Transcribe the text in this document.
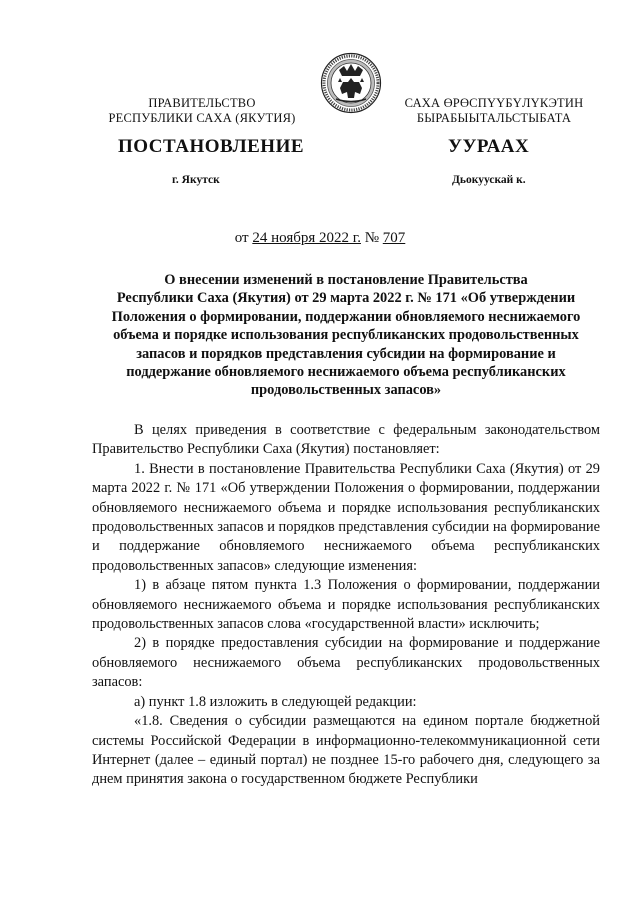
ПРАВИТЕЛЬСТВО
РЕСПУБЛИКИ САХА (ЯКУТИЯ)
САХА ӨРӨСПҮҮБҮЛҮКЭТИН
БЫРАБЫЫТАЛЬСТЫБАТА
ПОСТАНОВЛЕНИЕ	УУРААХ
г. Якутск	Дьокуускай к.
от 24 ноября 2022 г. № 707
О внесении изменений в постановление Правительства
Республики Саха (Якутия) от 29 марта 2022 г. № 171 «Об утверждении
Положения о формировании, поддержании обновляемого неснижаемого
объема и порядке использования республиканских продовольственных
запасов и порядков представления субсидии на формирование и
поддержание обновляемого неснижаемого объема республиканских
продовольственных запасов»

В целях приведения в соответствие с федеральным законодательством Правительство Республики Саха (Якутия) постановляет:

1. Внести в постановление Правительства Республики Саха (Якутия) от 29 марта 2022 г. № 171 «Об утверждении Положения о формировании, поддержании обновляемого неснижаемого объема и порядке использования республиканских продовольственных запасов и порядков представления субсидии на формирование и поддержание обновляемого неснижаемого объема республиканских продовольственных запасов» следующие изменения:

1) в абзаце пятом пункта 1.3 Положения о формировании, поддержании обновляемого неснижаемого объема и порядке использования республиканских продовольственных запасов слова «государственной власти» исключить;

2) в порядке предоставления субсидии на формирование и поддержание обновляемого неснижаемого объема республиканских продовольственных запасов:

а) пункт 1.8 изложить в следующей редакции:

«1.8. Сведения о субсидии размещаются на едином портале бюджетной системы Российской Федерации в информационно-телекоммуникационной сети Интернет (далее – единый портал) не позднее 15-го рабочего дня, следующего за днем принятия закона о государственном бюджете Республики
